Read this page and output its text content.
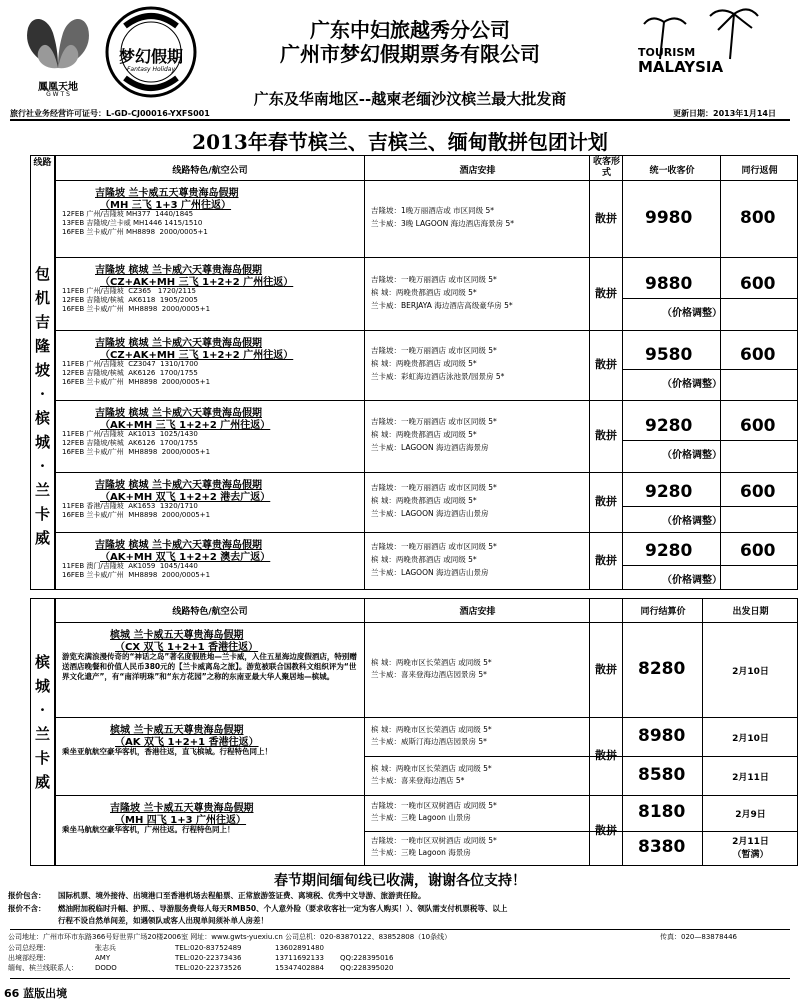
鳳凰天地
G W T S
梦幻假期
Fantasy Holiday
广东中妇旅越秀分公司
广州市梦幻假期票务有限公司
广东及华南地区--越柬老缅沙汶槟兰最大批发商
TOURISM
MALAYSIA
旅行社业务经营许可证号：L-GD-CJ00016-YXFS001	更新日期：2013年1月14日
2013年春节槟兰、吉槟兰、缅甸散拼包团计划
线路
线路特色/航空公司	酒店安排
收客形式	统一收客价	同行返佣
包
机
吉
隆
坡
·
槟
城
·
兰
卡
威
吉隆坡 兰卡威五天尊贵海岛假期
（MH 三飞 1+3 广州往返）
12FEB 广州/吉隆坡 MH377  1440/1845
13FEB 吉隆坡/兰卡威 MH1446 1415/1510
16FEB 兰卡威/广州 MH8898  2000/0005+1
吉隆坡：1晚万丽酒店或 市区同级 5*
兰卡威：3晚 LAGOON 海边酒店海景房 5*	散拼 9980	800
吉隆坡 槟城 兰卡威六天尊贵海岛假期
（CZ+AK+MH 三飞 1+2+2 广州往返）
11FEB 广州/吉隆坡  CZ365   1720/2115
12FEB 吉隆坡/槟城  AK6118  1905/2005
16FEB 兰卡威/广州  MH8898  2000/0005+1
吉隆坡：一晚万丽酒店 或市区同级 5*
槟 城：两晚贵都酒店 或同级 5*
兰卡威：BERJAYA 海边酒店高级豪华房 5*
散拼 9880	600
（价格调整）
吉隆坡 槟城 兰卡威六天尊贵海岛假期
（CZ+AK+MH 三飞 1+2+2 广州往返）
11FEB 广州/吉隆坡  CZ3047  1310/1700
12FEB 吉隆坡/槟城  AK6126  1700/1755
16FEB 兰卡威/广州  MH8898  2000/0005+1
吉隆坡：一晚万丽酒店 或市区同级 5*
槟 城：两晚贵都酒店 或同级 5*
兰卡威：彩虹海边酒店泳池景/园景房 5*
散拼 9580	600
（价格调整）
吉隆坡 槟城 兰卡威六天尊贵海岛假期
（AK+MH 三飞 1+2+2 广州往返）
11FEB 广州/吉隆坡  AK1013  1025/1430
12FEB 吉隆坡/槟城  AK6126  1700/1755
16FEB 兰卡威/广州  MH8898  2000/0005+1
吉隆坡：一晚万丽酒店 或市区同级 5*
槟 城：两晚贵都酒店 或同级 5*
兰卡威：LAGOON 海边酒店海景房
散拼 9280	600
（价格调整）
吉隆坡 槟城 兰卡威六天尊贵海岛假期
（AK+MH 双飞 1+2+2 港去广返）
11FEB 香港/吉隆坡  AK1653  1320/1710
16FEB 兰卡威/广州  MH8898  2000/0005+1
吉隆坡：一晚万丽酒店 或市区同级 5*
槟 城：两晚贵都酒店 或同级 5*
兰卡威：LAGOON 海边酒店山景房
散拼 9280	600
（价格调整）
吉隆坡 槟城 兰卡威六天尊贵海岛假期
（AK+MH 双飞 1+2+2 澳去广返）
11FEB 澳门/吉隆坡  AK1059  1045/1440
16FEB 兰卡威/广州  MH8898  2000/0005+1
吉隆坡：一晚万丽酒店 或市区同级 5*
槟 城：两晚贵都酒店 或同级 5*
兰卡威：LAGOON 海边酒店山景房
散拼 9280	600
（价格调整）
线路特色/航空公司	酒店安排	同行结算价	出发日期
槟
城
·
兰
卡
威
槟城 兰卡威五天尊贵海岛假期
（CX 双飞 1+2+1 香港往返）
游览充满浪漫传奇的“神话之岛”著名度假胜地—兰卡威，入住五星海边度假酒店，特别赠送酒店晚餐和价值人民币380元的【兰卡威离岛之旅】。游览被联合国教科文组织评为“世界文化遗产”，有“南洋明珠”和“东方花园”之称的东南亚最大华人聚居地—槟城。
槟 城：两晚市区长荣酒店 或同级 5*
兰卡威：喜来登海边酒店园景房 5*	8280	2月10日
散拼
槟城 兰卡威五天尊贵海岛假期
（AK 双飞 1+2+1 香港往返）
乘坐亚航航空豪华客机，香港往返，直飞槟城。行程特色同上！
槟 城：两晚市区长荣酒店 或同级 5*
兰卡威：威斯汀海边酒店园景房 5*	8980	2月10日
槟 城：两晚市区长荣酒店 或同级 5*
兰卡威：喜来登海边酒店 5*	8580	2月11日
散拼
吉隆坡 兰卡威五天尊贵海岛假期
（MH 四飞 1+3 广州往返）
乘坐马航航空豪华客机，广州往返。行程特色同上！
吉隆坡：一晚市区双树酒店 或同级 5*
兰卡威：三晚 Lagoon 山景房	8180	2月9日
吉隆坡：一晚市区双树酒店 或同级 5*
兰卡威：三晚 Lagoon 海景房	8380	2月11日
（暂满）
散拼
春节期间缅甸线已收满，谢谢各位支持！
报价包含： 国际机票、境外接待、出境港口至香港机场去程船票、正常旅游签证费、离境税、优秀中文导游、旅游责任险。
报价不含： 燃油附加税临时升幅、护照、、导游服务费每人每天RMB50、个人意外险（要求收客社一定为客人购买！）、领队需支付机票税等、以上
行程不设自然单间差，如遇领队或客人出现单间须补单人房差！
公司地址：广州市环市东路366号好世界广场20楼2006室 网址：www.gwts-yuexiu.cn 公司总机：020-83870122、83852808（10条线）	传真：020—83878446
公司总经理：	张志兵	TEL:020-83752489	13602891480
出境部经理：	AMY	TEL:020-22373436	13711692133 QQ:228395016
缅甸、槟兰线联系人： DODO	TEL:020-22373526	15347402884 QQ:228395020
66 蓝版出境
